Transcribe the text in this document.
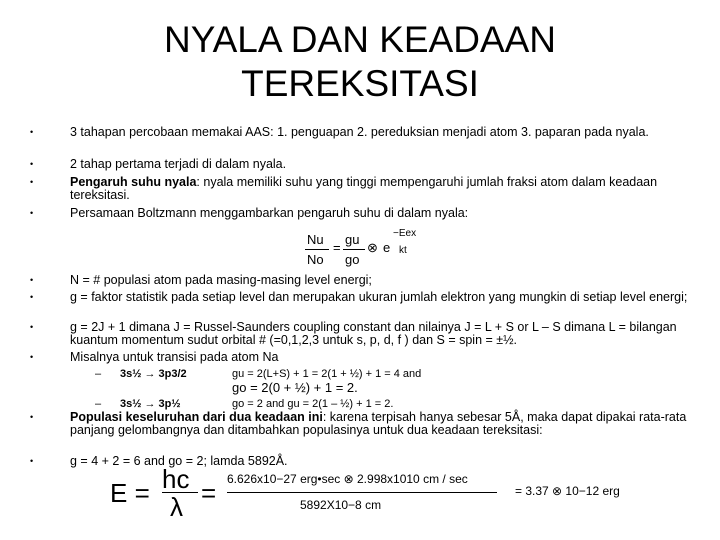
NYALA DAN KEADAAN
TEREKSITASI
•	3 tahapan percobaan memakai AAS: 1. penguapan 2. pereduksian menjadi atom 3. paparan pada nyala.
•	2 tahap pertama terjadi di dalam nyala.
•	Pengaruh suhu nyala: nyala memiliki suhu yang tinggi mempengaruhi jumlah fraksi atom dalam keadaan tereksitasi.
•	Persamaan Boltzmann menggambarkan pengaruh suhu di dalam nyala:
•	N = # populasi atom pada masing-masing level energi;
•	g = faktor statistik pada setiap level dan merupakan ukuran jumlah elektron yang mungkin di setiap level energi;
•	g = 2J + 1 dimana J = Russel-Saunders coupling constant dan nilainya J = L + S or L – S dimana L = bilangan kuantum momentum sudut orbital # (=0,1,2,3 untuk s, p, d, f ) dan S = spin = ±½.
•	Misalnya untuk transisi pada atom Na
•	Populasi keseluruhan dari dua keadaan ini: karena terpisah hanya sebesar 5Å, maka dapat dipakai rata-rata panjang gelombangnya dan ditambahkan populasinya untuk dua keadaan tereksitasi:
•	g = 4 + 2 = 6 and go = 2; lamda 5892Å.
– 3s½ → 3p3/2	gu = 2(L+S) + 1 = 2(1 + ½) + 1 = 4 and
go = 2(0 + ½) + 1 = 2.
– 3s½ → 3p½	go = 2 and gu = 2(1 – ½) + 1 = 2.
Nu
No
=
gu
go
⊗ e
−Eex
kt
E = hc
λ = 6.626x10−27 erg•sec ⊗ 2.998x1010 cm / sec
5892X10−8 cm
= 3.37 ⊗ 10−12 erg
